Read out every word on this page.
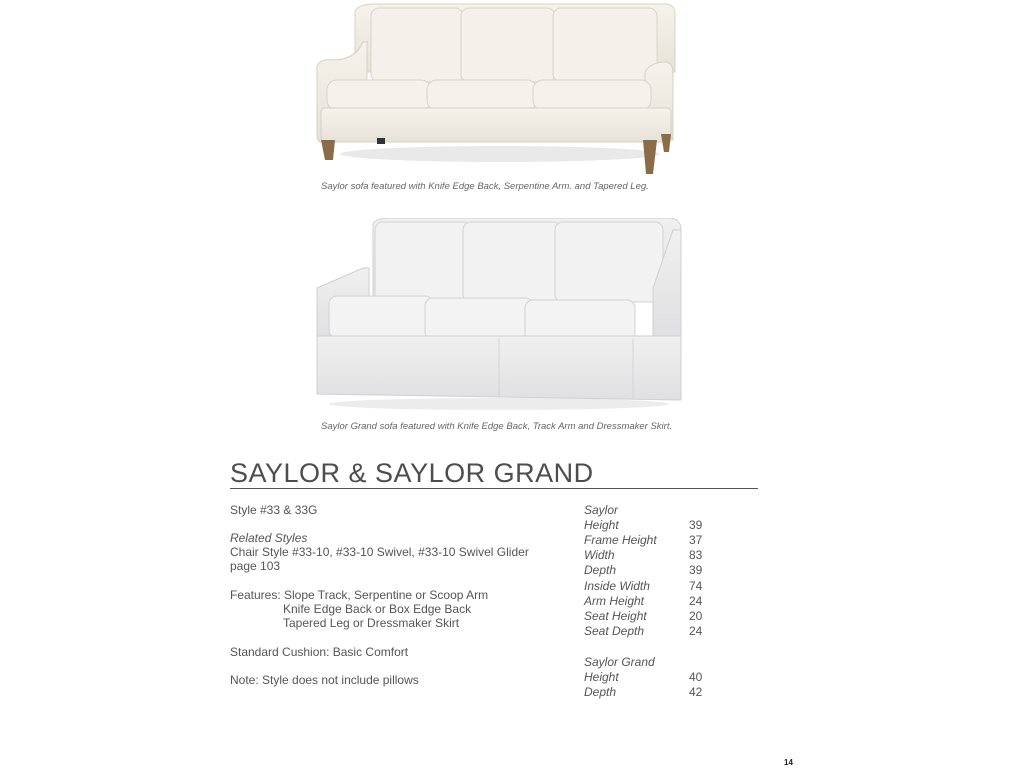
Saylor sofa featured with Knife Edge Back, Serpentine Arm. and Tapered Leg.
Saylor Grand sofa featured with Knife Edge Back, Track Arm and Dressmaker Skirt.
SAYLOR & SAYLOR GRAND
Style #33 & 33G
Related Styles
Chair Style #33-10, #33-10 Swivel, #33-10 Swivel Glider
page 103
Features: Slope Track, Serpentine or Scoop Arm
Knife Edge Back or Box Edge Back
Tapered Leg or Dressmaker Skirt
Standard Cushion: Basic Comfort
Note: Style does not include pillows
Saylor
Height	39
Frame Height	37
Width	83
Depth	39
Inside Width	74
Arm Height	24
Seat Height	20
Seat Depth	24
Saylor Grand
Height	40
Depth	42
14
